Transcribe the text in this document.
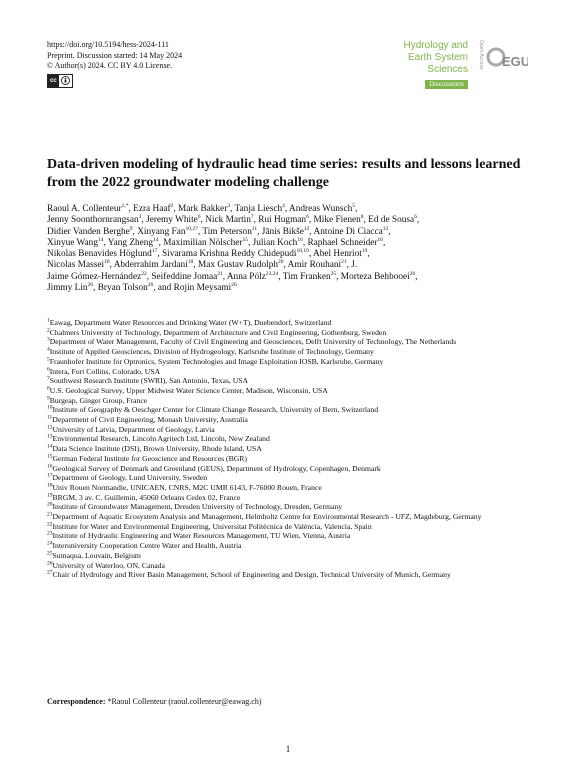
https://doi.org/10.5194/hess-2024-111
Preprint. Discussion started: 14 May 2024
© Author(s) 2024. CC BY 4.0 License.
cc
Hydrology and
Earth System
Sciences
Discussions
Open Access EGU
Data-driven modeling of hydraulic head time series: results and lessons learned from the 2022 groundwater modeling challenge
Raoul A. Collenteur$^{1,*}$, Ezra Haaf$^2$, Mark Bakker$^3$, Tanja Liesch$^4$, Andreas Wunsch$^5$,
Jenny Soonthornrangsan$^3$, Jeremy White$^6$, Nick Martin$^7$, Rui Hugman$^6$, Mike Fienen$^8$, Ed de Sousa$^6$,
Didier Vanden Berghe$^9$, Xinyang Fan$^{10,27}$, Tim Peterson$^{11}$, Jānis Bikše$^{12}$, Antoine Di Ciacca$^{13}$,
Xinyue Wang$^{14}$, Yang Zheng$^{14}$, Maximilian Nölscher$^{15}$, Julian Koch$^{16}$, Raphael Schneider$^{16}$,
Nikolas Benavides Höglund$^{17}$, Sivarama Krishna Reddy Chidepudi$^{18,19}$, Abel Henriot$^{19}$,
Nicolas Massei$^{18}$, Abderrahim Jardani$^{18}$, Max Gustav Rudolph$^{20}$, Amir Rouhani$^{21}$, J.
Jaime Gómez-Hernández$^{22}$, Seifeddine Jomaa$^{21}$, Anna Pölz$^{23,24}$, Tim Franken$^{25}$, Morteza Behbooei$^{26}$,
Jimmy Lin$^{26}$, Bryan Tolson$^{26}$, and Rojin Meysami$^{26}$

$^1$Eawag, Department Water Resources and Drinking Water (W+T), Duebendorf, Switzerland

$^2$Chalmers University of Technology, Department of Architecture and Civil Engineering, Gothenburg, Sweden

$^3$Department of Water Management, Faculty of Civil Engineering and Geosciences, Delft University of Technology, The Netherlands

$^4$Institute of Applied Geosciences, Division of Hydrogeology, Karlsruhe Institute of Technology, Germany

$^5$Fraunhofer Institute for Optronics, System Technologies and Image Exploitation IOSB, Karlsruhe, Germany

$^6$Intera, Fort Collins, Colorado, USA

$^7$Southwest Research Institute (SWRI), San Antonio, Texas, USA

$^8$U.S. Geological Survey, Upper Midwest Water Science Center, Madison, Wisconsin, USA

$^9$Burgeap, Ginger Group, France

$^{10}$Institute of Geography & Oeschger Center for Climate Change Research, University of Bern, Switzerland

$^{11}$Department of Civil Engineering, Monash University, Australia

$^{12}$University of Latvia, Department of Geology, Latvia

$^{13}$Environmental Research, Lincoln Agritech Ltd, Lincoln, New Zealand

$^{14}$Data Science Institute (DSI), Brown University, Rhode Island, USA

$^{15}$German Federal Institute for Geoscience and Resources (BGR)

$^{16}$Geological Survey of Denmark and Greenland (GEUS), Department of Hydrology, Copenhagen, Denmark

$^{17}$Department of Geology, Lund University, Sweden

$^{18}$Univ Rouen Normandie, UNICAEN, CNRS, M2C UMR 6143, F-76000 Rouen, France

$^{19}$BRGM, 3 av. C. Guillemin, 45060 Orleans Cedex 02, France

$^{20}$Institute of Groundwater Management, Dresden University of Technology, Dresden, Germany

$^{21}$Department of Aquatic Ecosystem Analysis and Management, Helmholtz Centre for Environmental Research - UFZ, Magdeburg, Germany

$^{22}$Institute for Water and Environmental Engineering, Universitat Politècnica de València, Valencia, Spain

$^{23}$Institute of Hydraulic Engineering and Water Resources Management, TU Wien, Vienna, Austria

$^{24}$Interuniversity Cooperation Centre Water and Health, Austria

$^{25}$Sumaqua, Louvain, Belgium

$^{26}$University of Waterloo, ON, Canada

$^{27}$Chair of Hydrology and River Basin Management, School of Engineering and Design, Technical University of Munich, Germany

Correspondence: *Raoul Collenteur (raoul.collenteur@eawag.ch)
1
